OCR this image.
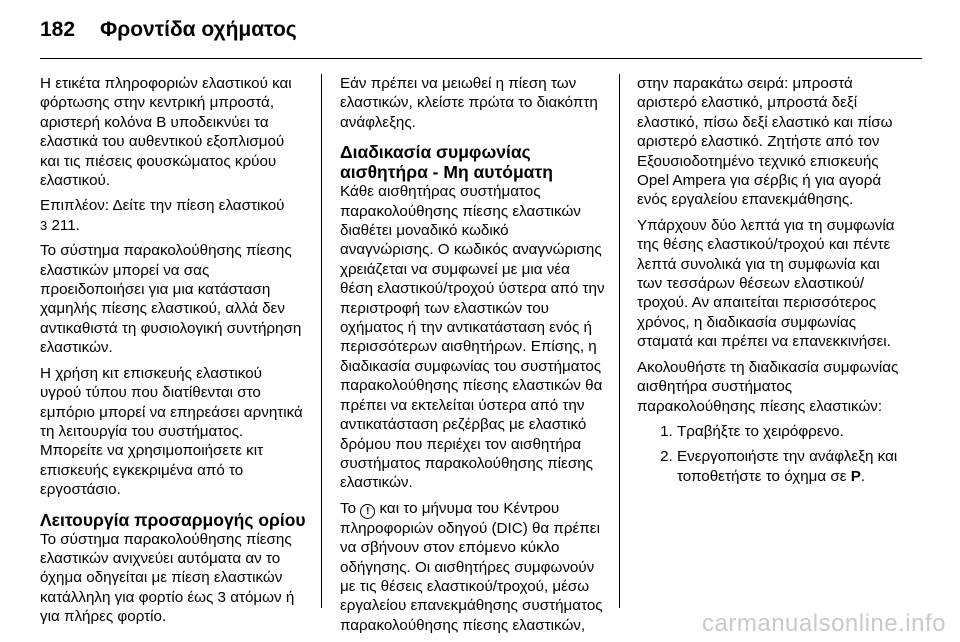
182	Φροντίδα οχήματος

Η ετικέτα πληροφοριών ελαστικού και φόρτωσης στην κεντρική μπροστά, αριστερή κολόνα Β υποδεικνύει τα ελαστικά του αυθεντικού εξοπλισμού και τις πιέσεις φουσκώματος κρύου ελαστικού.

Επιπλέον: Δείτε την πίεση ελαστικού
3 211.

Το σύστημα παρακολούθησης πίεσης ελαστικών μπορεί να σας προειδοποιήσει για μια κατάσταση χαμηλής πίεσης ελαστικού, αλλά δεν αντικαθιστά τη φυσιολογική συντήρηση ελαστικών.

Η χρήση κιτ επισκευής ελαστικού υγρού τύπου που διατίθενται στο εμπόριο μπορεί να επηρεάσει αρνητικά τη λειτουργία του συστήματος. Μπορείτε να χρησιμοποιήσετε κιτ επισκευής εγκεκριμένα από το εργοστάσιο.

Λειτουργία προσαρμογής ορίου

Το σύστημα παρακολούθησης πίεσης ελαστικών ανιχνεύει αυτόματα αν το όχημα οδηγείται με πίεση ελαστικών κατάλληλη για φορτίο έως 3 ατόμων ή για πλήρες φορτίο.

Εάν πρέπει να μειωθεί η πίεση των ελαστικών, κλείστε πρώτα το διακόπτη ανάφλεξης.

Διαδικασία συμφωνίας αισθητήρα - Μη αυτόματη

Κάθε αισθητήρας συστήματος παρακολούθησης πίεσης ελαστικών διαθέτει μοναδικό κωδικό αναγνώρισης. Ο κωδικός αναγνώρισης χρειάζεται να συμφωνεί με μια νέα θέση ελαστικού/τροχού ύστερα από την περιστροφή των ελαστικών του οχήματος ή την αντικατάσταση ενός ή περισσότερων αισθητήρων. Επίσης, η διαδικασία συμφωνίας του συστήματος παρακολούθησης πίεσης ελαστικών θα πρέπει να εκτελείται ύστερα από την αντικατάσταση ρεζέρβας με ελαστικό δρόμου που περιέχει τον αισθητήρα συστήματος παρακολούθησης πίεσης ελαστικών.

Το ! και το μήνυμα του Κέντρου πληροφοριών οδηγού (DIC) θα πρέπει να σβήνουν στον επόμενο κύκλο οδήγησης. Οι αισθητήρες συμφωνούν με τις θέσεις ελαστικού/τροχού, μέσω εργαλείου επανεκμάθησης συστήματος παρακολούθησης πίεσης ελαστικών,

στην παρακάτω σειρά: μπροστά αριστερό ελαστικό, μπροστά δεξί ελαστικό, πίσω δεξί ελαστικό και πίσω αριστερό ελαστικό. Ζητήστε από τον Εξουσιοδοτημένο τεχνικό επισκευής Opel Ampera για σέρβις ή για αγορά ενός εργαλείου επανεκμάθησης.

Υπάρχουν δύο λεπτά για τη συμφωνία της θέσης ελαστικού/τροχού και πέντε λεπτά συνολικά για τη συμφωνία και των τεσσάρων θέσεων ελαστικού/τροχού. Αν απαιτείται περισσότερος χρόνος, η διαδικασία συμφωνίας σταματά και πρέπει να επανεκκινήσει.

Ακολουθήστε τη διαδικασία συμφωνίας αισθητήρα συστήματος παρακολούθησης πίεσης ελαστικών:

1. Τραβήξτε το χειρόφρενο.
2. Ενεργοποιήστε την ανάφλεξη και τοποθετήστε το όχημα σε P.
carmanualsonline.info
